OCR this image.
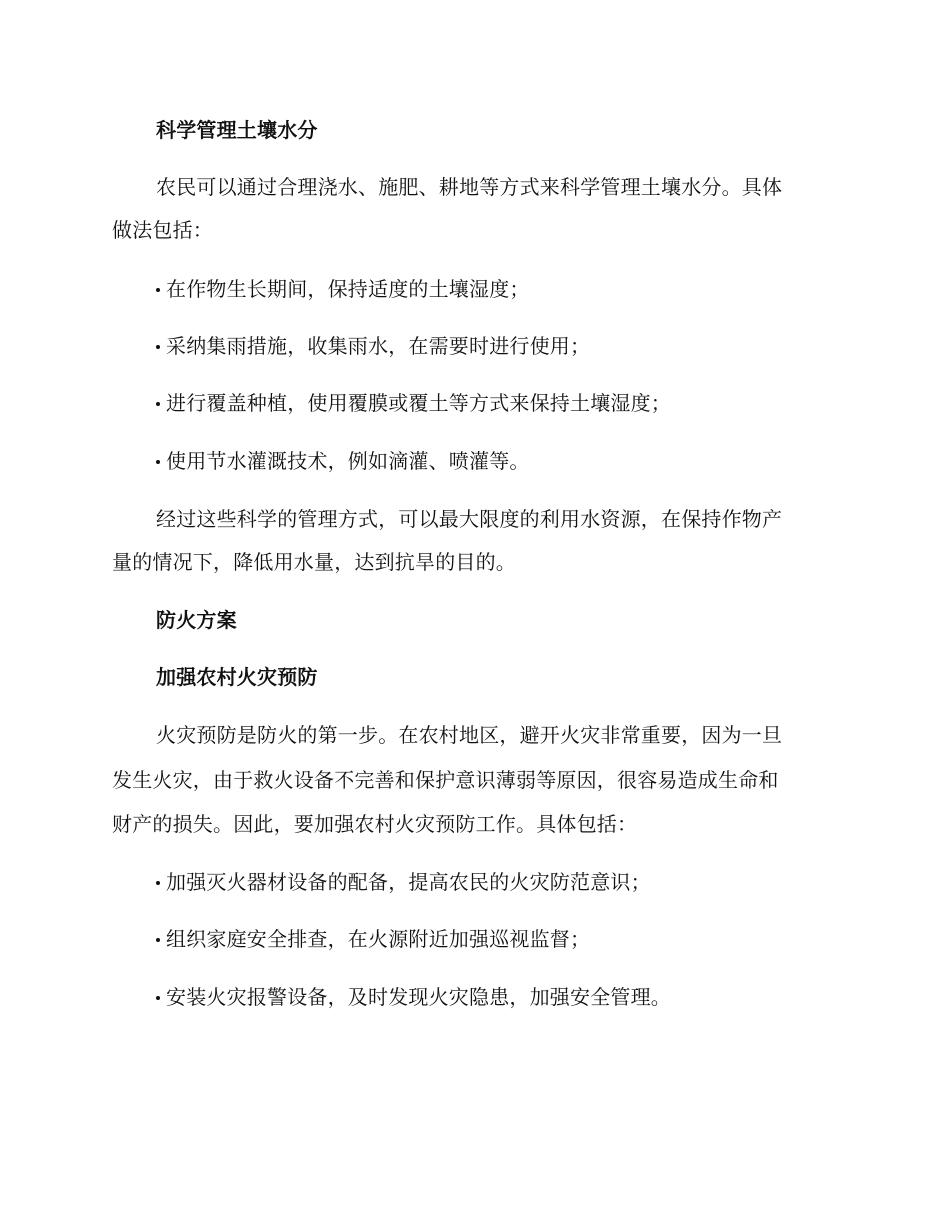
科学管理土壤水分
农民可以通过合理浇水、施肥、耕地等方式来科学管理土壤水分。具体
做法包括：
在作物生长期间，保持适度的土壤湿度；
采纳集雨措施，收集雨水，在需要时进行使用；
进行覆盖种植，使用覆膜或覆土等方式来保持土壤湿度；
使用节水灌溉技术，例如滴灌、喷灌等。
经过这些科学的管理方式，可以最大限度的利用水资源，在保持作物产
量的情况下，降低用水量，达到抗旱的目的。
防火方案
加强农村火灾预防
火灾预防是防火的第一步。在农村地区，避开火灾非常重要，因为一旦
发生火灾，由于救火设备不完善和保护意识薄弱等原因，很容易造成生命和
财产的损失。因此，要加强农村火灾预防工作。具体包括：
加强灭火器材设备的配备，提高农民的火灾防范意识；
组织家庭安全排查，在火源附近加强巡视监督；
安装火灾报警设备，及时发现火灾隐患，加强安全管理。
